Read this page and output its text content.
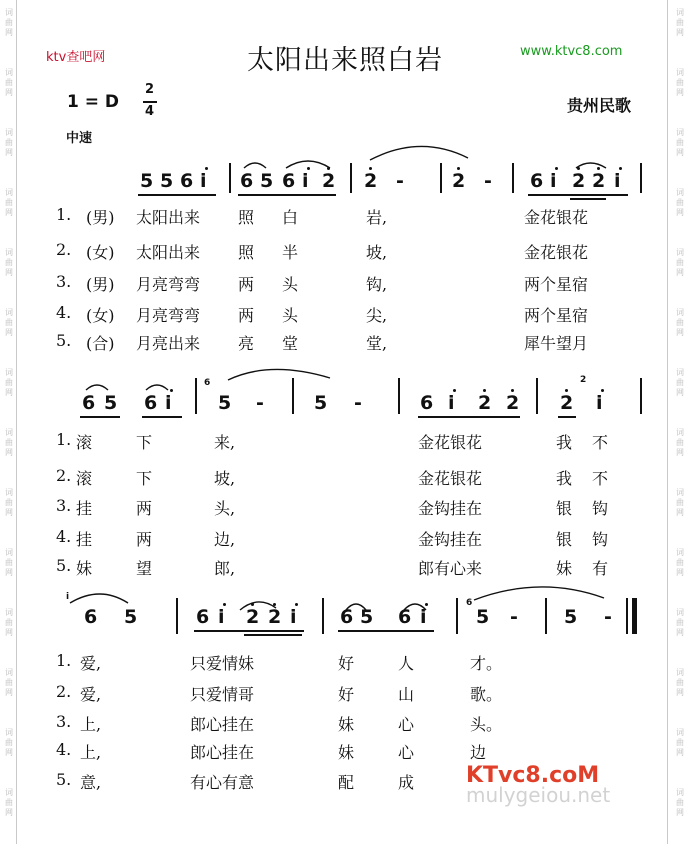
词
曲
网
词
曲
网
词
曲
网
词
曲
网
词
曲
网
词
曲
网
词
曲
网
词
曲
网
词
曲
网
词
曲
网
词
曲
网
词
曲
网
词
曲
网
词
曲
网
词
曲
网
词
曲
网
词
曲
网
词
曲
网
词
曲
网
词
曲
网
词
曲
网
词
曲
网
词
曲
网
词
曲
网
词
曲
网
词
曲
网
词
曲
网
词
曲
网
ktv查吧网	太阳出来照白岩	www.ktvc8.com
1 = D
2
4
中速
贵州民歌
5 5 6 i 6 5 6 i 2 2 -	2 - 6 i 2 2 i
1. (男) 太阳出来 照 白	岩,	金花银花
2. (女) 太阳出来 照 半	坡,	金花银花
3. (男) 月亮弯弯 两 头	钩,	两个星宿
4. (女) 月亮弯弯 两 头	尖,	两个星宿
5. (合) 月亮出来 亮 堂	堂,	犀牛望月
6 5 6 i 5 -	5 -	6 i 2 2 2 i
6	2
1. 滚	下	来,	金花银花	我 不
2. 滚	下	坡,	金花银花	我 不
3. 挂	两	头,	金钩挂在	银 钩
4. 挂	两	边,	金钩挂在	银 钩
5. 妹	望	郎,	郎有心来	妹 有
6 5	6 i 2 2 i 6 5 6 i	5 - 5 -
i
6
1. 爱,	只爱情妹	好	人	才。
2. 爱,	只爱情哥	好	山	歌。
3. 上,	郎心挂在	妹	心	头。
4. 上,	郎心挂在	妹	心	边
5. 意,	有心有意	配	成 KTvc8.coM
mulygeiou.net
